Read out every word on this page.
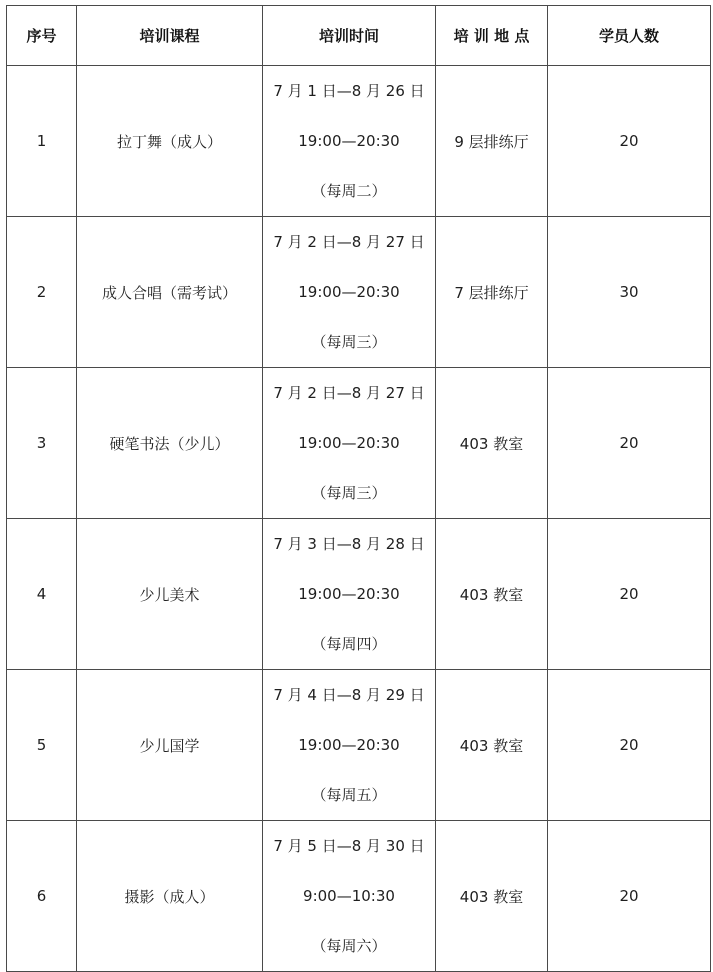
序号	培训课程	培训时间	培 训 地 点	学员人数
1	拉丁舞（成人）	7 月 1 日—8 月 26 日
19:00—20:30
（每周二）	9 层排练厅	20
2	成人合唱（需考试）	7 月 2 日—8 月 27 日
19:00—20:30
（每周三）	7 层排练厅	30
3	硬笔书法（少儿）	7 月 2 日—8 月 27 日
19:00—20:30
（每周三）	403 教室	20
4	少儿美术	7 月 3 日—8 月 28 日
19:00—20:30
（每周四）	403 教室	20
5	少儿国学	7 月 4 日—8 月 29 日
19:00—20:30
（每周五）	403 教室	20
6	摄影（成人）	7 月 5 日—8 月 30 日
9:00—10:30
（每周六）	403 教室	20
